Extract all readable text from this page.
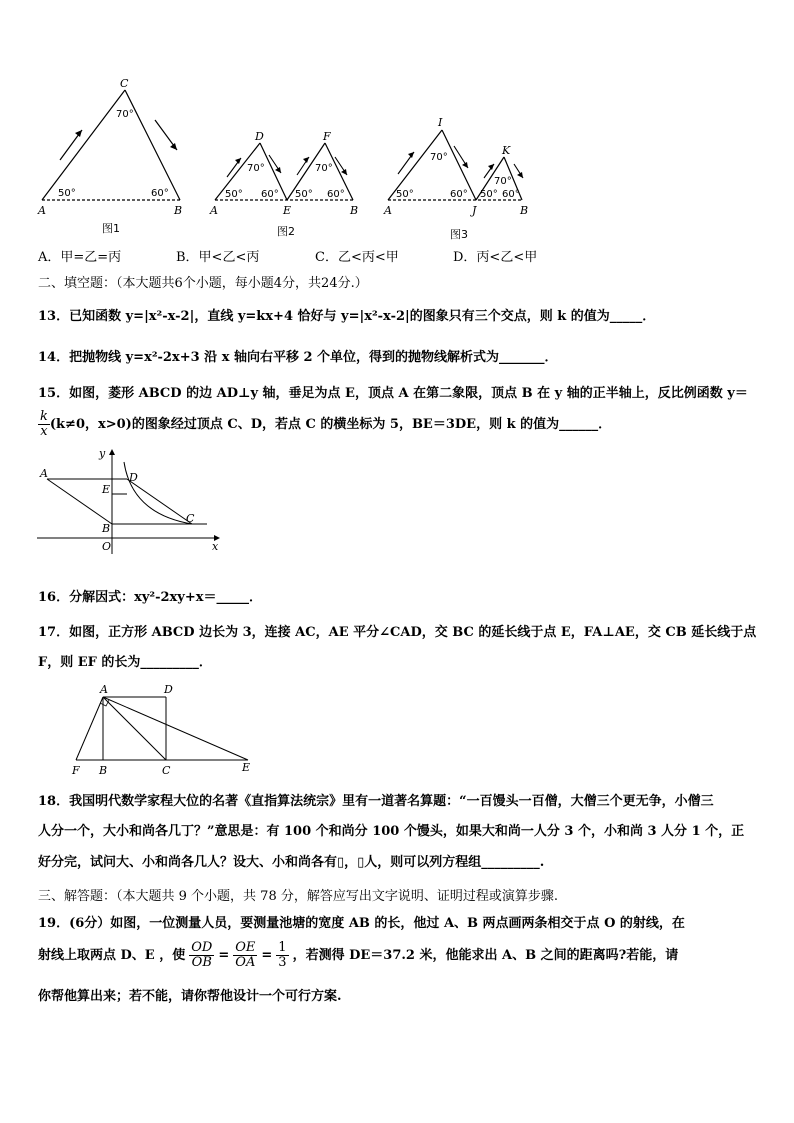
C
70°
50°	60°
A	B
图1
D	F
70°	70°
50° 60° 50° 60°
A	E	B
图2
I
K
70°
70°
50°	60° 50° 60°
A	J	B
图3
A．甲=乙=丙	B．甲<乙<丙	C．乙<丙<甲	D．丙<乙<甲
二、填空题：（本大题共6个小题，每小题4分，共24分.）
13．已知函数 y=|x²-x-2|，直线 y=kx+4 恰好与 y=|x²-x-2|的图象只有三个交点，则 k 的值为_____．
14．把抛物线 y=x²-2x+3 沿 x 轴向右平移 2 个单位，得到的抛物线解析式为_______．
15．如图，菱形 ABCD 的边 AD⊥y 轴，垂足为点 E，顶点 A 在第二象限，顶点 B 在 y 轴的正半轴上，反比例函数 y＝
$\frac{k}{x} (k\ne 0$，x>0)的图象经过顶点 C、D，若点 C 的横坐标为 5，BE＝3DE，则 k 的值为______．
A	D
E
B
C
O	x
y
16．分解因式：xy²-2xy+x＝_____．
17．如图，正方形 ABCD 边长为 3，连接 AC，AE 平分∠CAD，交 BC 的延长线于点 E，FA⊥AE，交 CB 延长线于点
F，则 EF 的长为_________．
A	D
F B	C	E
18．我国明代数学家程大位的名著《直指算法统宗》里有一道著名算题：“一百馒头一百僧，大僧三个更无争，小僧三
人分一个，大小和尚各几丁？”意思是：有 100 个和尚分 100 个馒头，如果大和尚一人分 3 个，小和尚 3 人分 1 个，正
好分完，试问大、小和尚各几人？设大、小和尚各有▯，▯人，则可以列方程组_________.
三、解答题：（本大题共 9 个小题，共 78 分，解答应写出文字说明、证明过程或演算步骤.
19．(6分）如图，一位测量人员，要测量池塘的宽度 AB 的长，他过 A、B 两点画两条相交于点 O 的射线，在
射线上取两点 D、E ，使 $\frac{OD}{OB} = \frac{OE}{OA} = \frac{1}{3}$ ，若测得 DE＝37.2 米，他能求出 A、B 之间的距离吗?若能，请
你帮他算出来；若不能，请你帮他设计一个可行方案.
